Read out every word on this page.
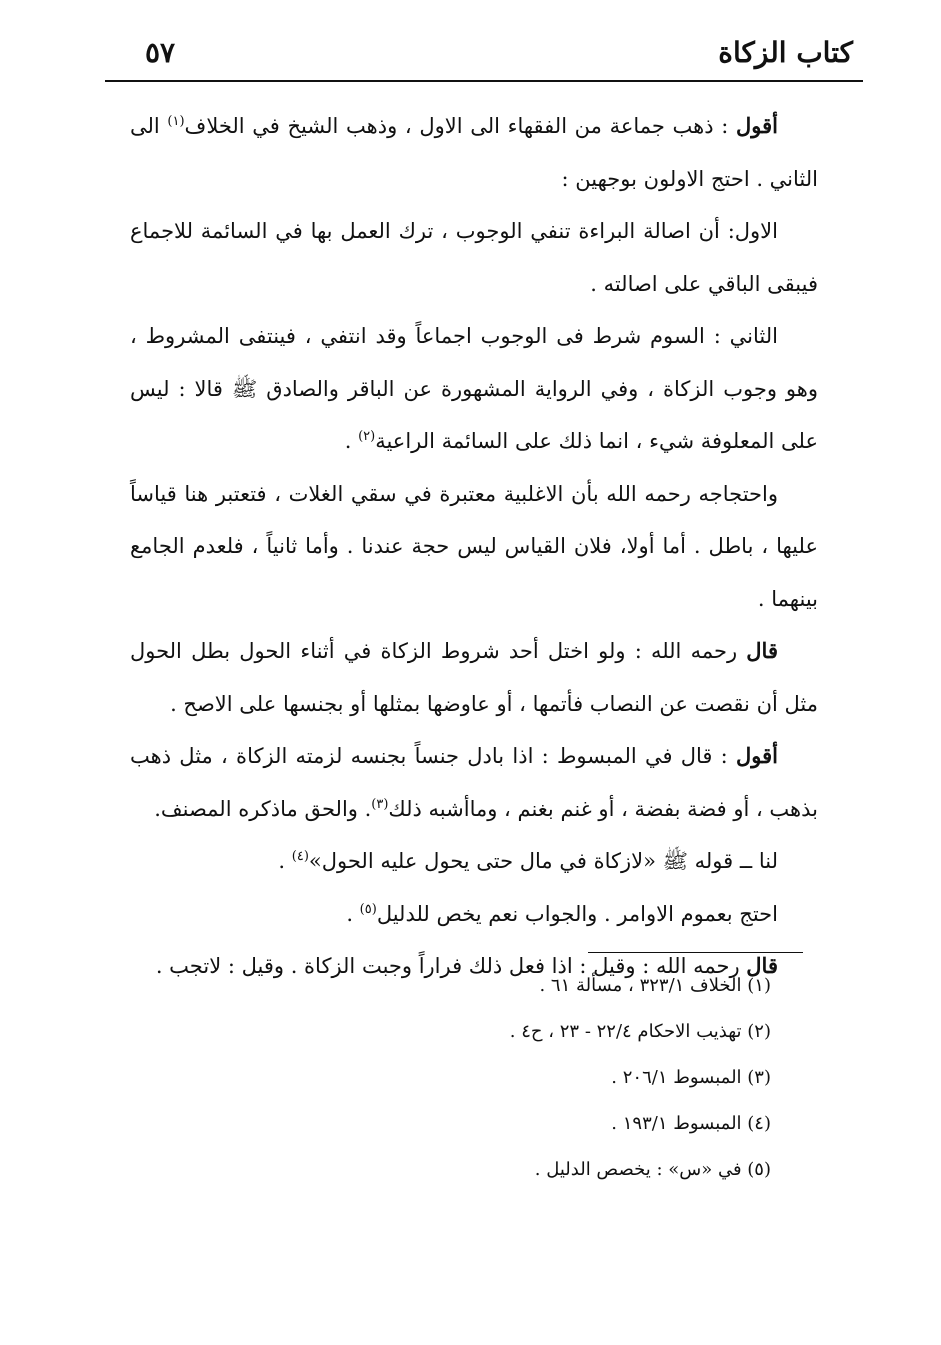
كتاب الزكاة
٥٧

أقول : ذهب جماعة من الفقهاء الى الاول ، وذهب الشيخ في الخلاف$^{(١)}$ الى الثاني . احتج الاولون بوجهين :

الاول: أن اصالة البراءة تنفي الوجوب ، ترك العمل بها في السائمة للاجماع فيبقى الباقي على اصالته .

الثاني : السوم شرط فى الوجوب اجماعاً وقد انتفي ، فينتفى المشروط ، وهو وجوب الزكاة ، وفي الرواية المشهورة عن الباقر والصادق ﷺ قالا : ليس على المعلوفة شيء ، انما ذلك على السائمة الراعية$^{(٢)}$ .

واحتجاجه رحمه الله بأن الاغلبية معتبرة في سقي الغلات ، فتعتبر هنا قياساً عليها ، باطل . أما أولا، فلان القياس ليس حجة عندنا . وأما ثانياً ، فلعدم الجامع بينهما .

قال رحمه الله : ولو اختل أحد شروط الزكاة في أثناء الحول بطل الحول مثل أن نقصت عن النصاب فأتمها ، أو عاوضها بمثلها أو بجنسها على الاصح .

أقول : قال في المبسوط : اذا بادل جنساً بجنسه لزمته الزكاة ، مثل ذهب بذهب ، أو فضة بفضة ، أو غنم بغنم ، وماأشبه ذلك$^{(٣)}$. والحق ماذكره المصنف.

لنا ــ قوله ﷺ «لازكاة في مال حتى يحول عليه الحول»$^{(٤)}$ .

احتج بعموم الاوامر . والجواب نعم يخص للدليل$^{(٥)}$ .

قال رحمه الله : وقيل : اذا فعل ذلك فراراً وجبت الزكاة . وقيل : لاتجب .

(١) الخلاف ٣٢٣/١ ، مسألة ٦١ .

(٢) تهذيب الاحكام ٢٢/٤ - ٢٣ ، ح٤ .

(٣) المبسوط ٢٠٦/١ .

(٤) المبسوط ١٩٣/١ .

(٥) في «س» : يخصص الدليل .
